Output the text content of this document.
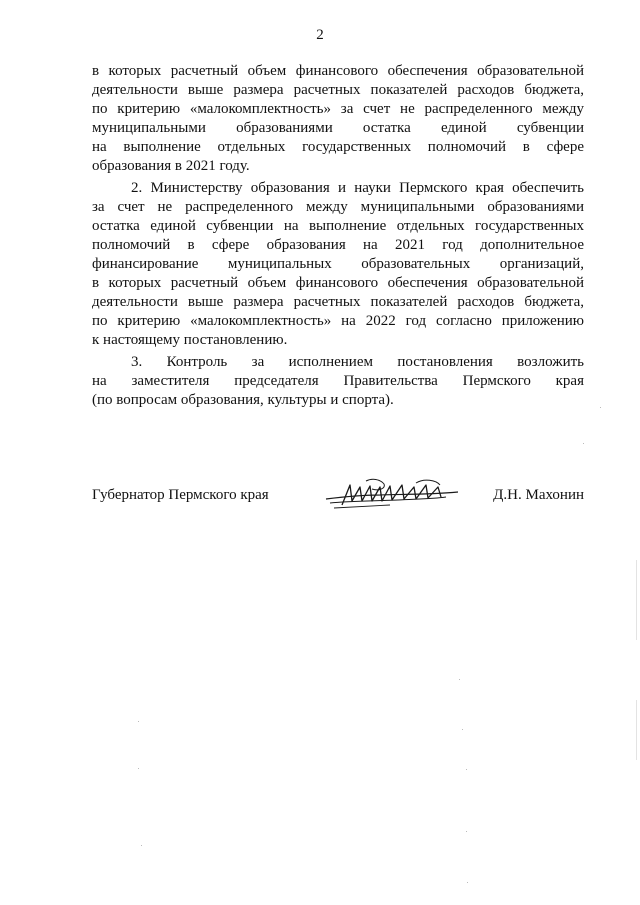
2
в которых расчетный объем финансового обеспечения образовательной
деятельности выше размера расчетных показателей расходов бюджета,
по критерию «малокомплектность» за счет не распределенного между
муниципальными образованиями остатка единой субвенции
на выполнение отдельных государственных полномочий в сфере
образования в 2021 году.
2. Министерству образования и науки Пермского края обеспечить
за счет не распределенного между муниципальными образованиями
остатка единой субвенции на выполнение отдельных государственных
полномочий в сфере образования на 2021 год дополнительное
финансирование муниципальных образовательных организаций,
в которых расчетный объем финансового обеспечения образовательной
деятельности выше размера расчетных показателей расходов бюджета,
по критерию «малокомплектность» на 2022 год согласно приложению
к настоящему постановлению.
3. Контроль за исполнением постановления возложить
на заместителя председателя Правительства Пермского края
(по вопросам образования, культуры и спорта).
Губернатор Пермского края	Д.Н. Махонин
